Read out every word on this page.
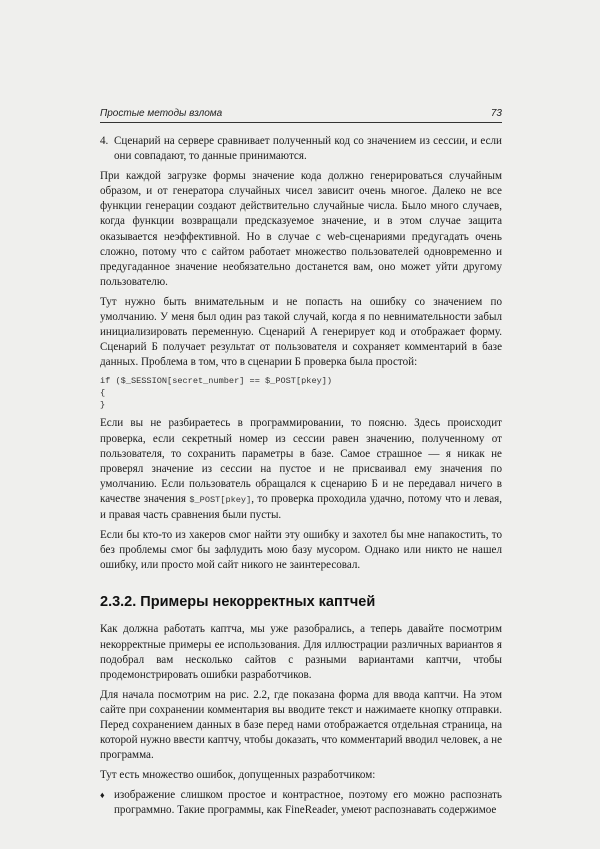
Простые методы взлома	73
4. Сценарий на сервере сравнивает полученный код со значением из сессии, и если они совпадают, то данные принимаются.

При каждой загрузке формы значение кода должно генерироваться случайным образом, и от генератора случайных чисел зависит очень многое. Далеко не все функции генерации создают действительно случайные числа. Было много случаев, когда функции возвращали предсказуемое значение, и в этом случае защита оказывается неэффективной. Но в случае с web-сценариями предугадать очень сложно, потому что с сайтом работает множество пользователей одновременно и предугаданное значение необязательно достанется вам, оно может уйти другому пользователю.

Тут нужно быть внимательным и не попасть на ошибку со значением по умолчанию. У меня был один раз такой случай, когда я по невнимательности забыл инициализировать переменную. Сценарий А генерирует код и отображает форму. Сценарий Б получает результат от пользователя и сохраняет комментарий в базе данных. Проблема в том, что в сценарии Б проверка была простой:

if ($_SESSION[secret_number] == $_POST[pkey])
{
}

Если вы не разбираетесь в программировании, то поясню. Здесь происходит проверка, если секретный номер из сессии равен значению, полученному от пользователя, то сохранить параметры в базе. Самое страшное — я никак не проверял значение из сессии на пустое и не присваивал ему значения по умолчанию. Если пользователь обращался к сценарию Б и не передавал ничего в качестве значения $_POST[pkey], то проверка проходила удачно, потому что и левая, и правая часть сравнения были пусты.

Если бы кто-то из хакеров смог найти эту ошибку и захотел бы мне напакостить, то без проблемы смог бы зафлудить мою базу мусором. Однако или никто не нашел ошибку, или просто мой сайт никого не заинтересовал.

2.3.2. Примеры некорректных каптчей

Как должна работать каптча, мы уже разобрались, а теперь давайте посмотрим некорректные примеры ее использования. Для иллюстрации различных вариантов я подобрал вам несколько сайтов с разными вариантами каптчи, чтобы продемонстрировать ошибки разработчиков.

Для начала посмотрим на рис. 2.2, где показана форма для ввода каптчи. На этом сайте при сохранении комментария вы вводите текст и нажимаете кнопку отправки. Перед сохранением данных в базе перед нами отображается отдельная страница, на которой нужно ввести каптчу, чтобы доказать, что комментарий вводил человек, а не программа.

Тут есть множество ошибок, допущенных разработчиком:

♦ изображение слишком простое и контрастное, поэтому его можно распознать программно. Такие программы, как FineReader, умеют распознавать содержимое
